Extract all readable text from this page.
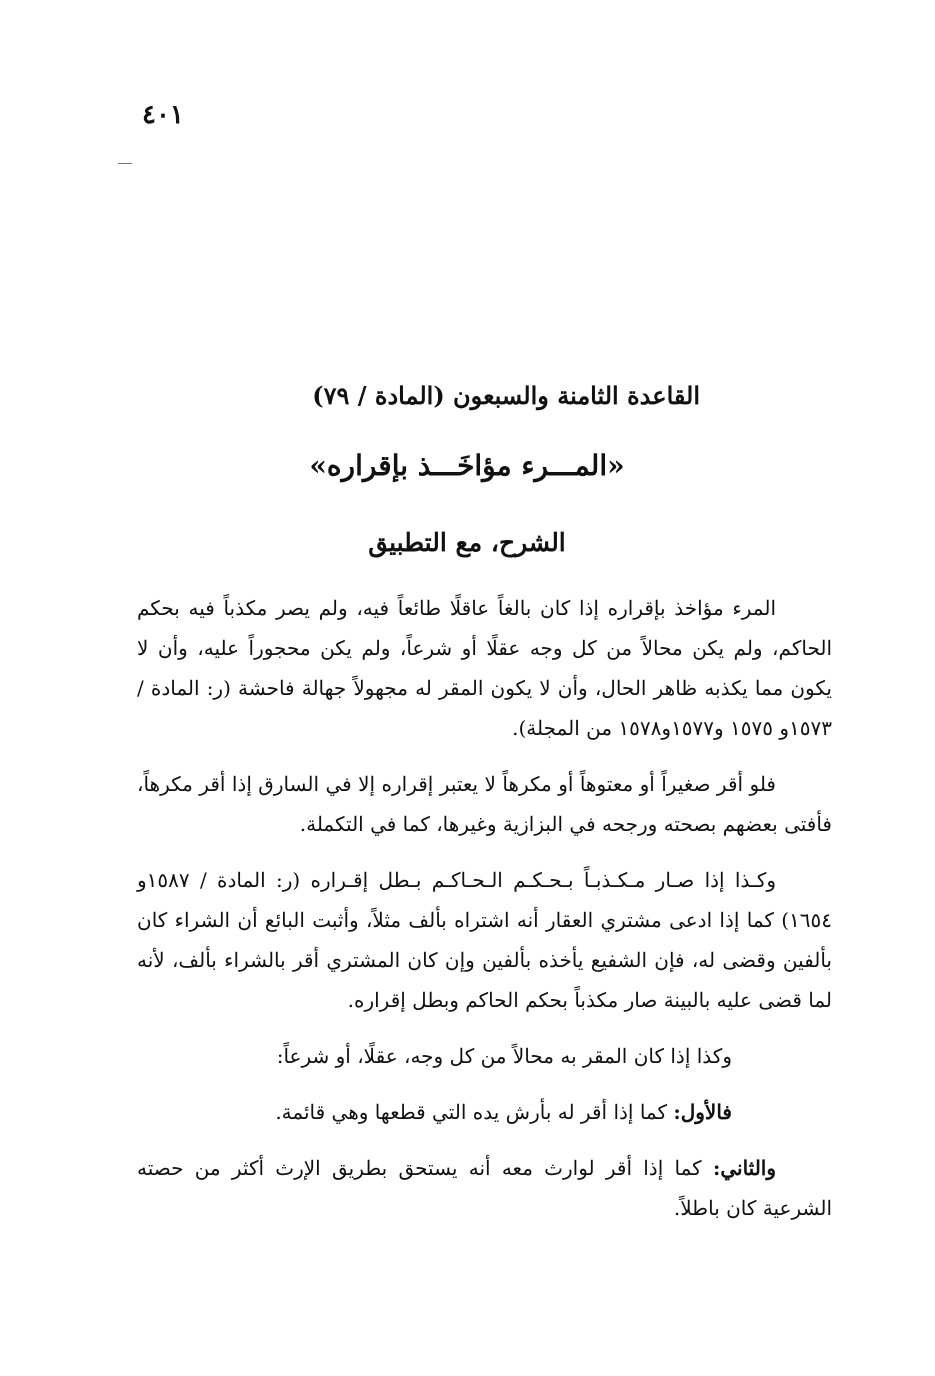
٤٠١
القاعدة الثامنة والسبعون (المادة / ٧٩)
«المـــرء مؤاخَـــذ بإقراره»
الشرح، مع التطبيق

المرء مؤاخذ بإقراره إذا كان بالغاً عاقلًا طائعاً فيه، ولم يصر مكذباً فيه بحكم الحاكم، ولم يكن محالاً من كل وجه عقلًا أو شرعاً، ولم يكن محجوراً عليه، وأن لا يكون مما يكذبه ظاهر الحال، وأن لا يكون المقر له مجهولاً جهالة فاحشة (ر: المادة / ١٥٧٣و ١٥٧٥ و١٥٧٧و١٥٧٨ من المجلة).

فلو أقر صغيراً أو معتوهاً أو مكرهاً لا يعتبر إقراره إلا في السارق إذا أقر مكرهاً، فأفتى بعضهم بصحته ورجحه في البزازية وغيرها، كما في التكملة.

وكـذا إذا صـار مـكـذبـاً بـحـكـم الـحـاكـم بـطل إقـراره (ر: المادة / ١٥٨٧و ١٦٥٤) كما إذا ادعى مشتري العقار أنه اشتراه بألف مثلاً، وأثبت البائع أن الشراء كان بألفين وقضى له، فإن الشفيع يأخذه بألفين وإن كان المشتري أقر بالشراء بألف، لأنه لما قضى عليه بالبينة صار مكذباً بحكم الحاكم وبطل إقراره.

وكذا إذا كان المقر به محالاً من كل وجه، عقلًا، أو شرعاً:

فالأول: كما إذا أقر له بأرش يده التي قطعها وهي قائمة.

والثاني: كما إذا أقر لوارث معه أنه يستحق بطريق الإرث أكثر من حصته الشرعية كان باطلاً.
